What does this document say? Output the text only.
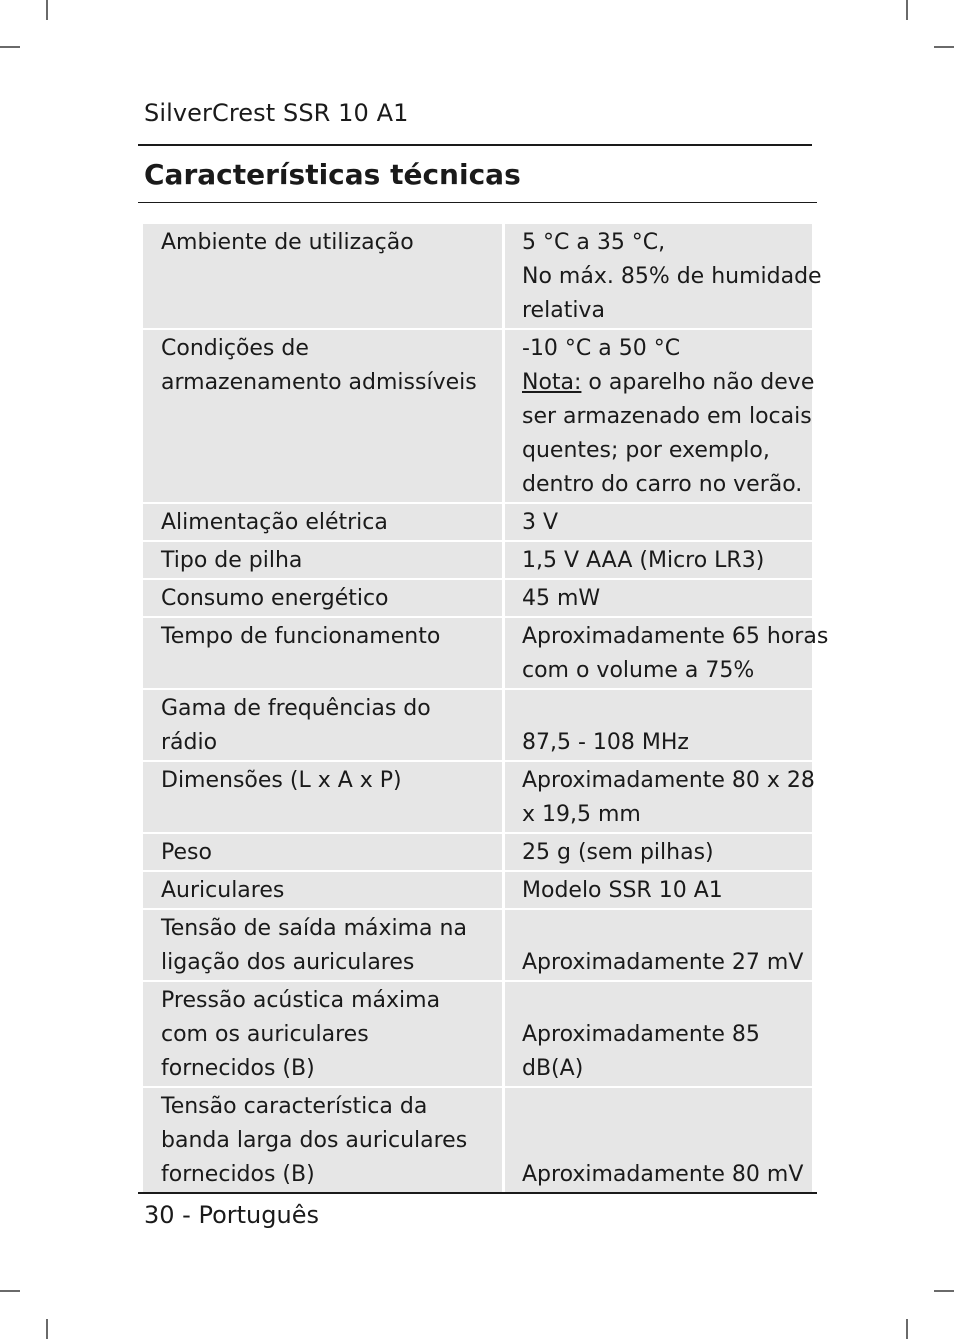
SilverCrest SSR 10 A1
Características técnicas
Ambiente de utilização	5 °C a 35 °C,
No máx. 85% de humidade
relativa

Condições de
armazenamento admissíveis	-10 °C a 50 °C
Nota: o aparelho não deve
ser armazenado em locais
quentes; por exemplo,
dentro do carro no verão.

Alimentação elétrica	3 V
Tipo de pilha	1,5 V AAA (Micro LR3)
Consumo energético	45 mW
Tempo de funcionamento	Aproximadamente 65 horas
com o volume a 75%

Gama de frequências do
rádio	87,5 - 108 MHz
Dimensões (L x A x P)	Aproximadamente 80 x 28
x 19,5 mm

Peso	25 g (sem pilhas)
Auriculares	Modelo SSR 10 A1

Tensão de saída máxima na
ligação dos auriculares	Aproximadamente 27 mV

Pressão acústica máxima
com os auriculares
fornecidos (B)	Aproximadamente 85 dB(A)

Tensão característica da
banda larga dos auriculares
fornecidos (B)	Aproximadamente 80 mV
30 - Português
